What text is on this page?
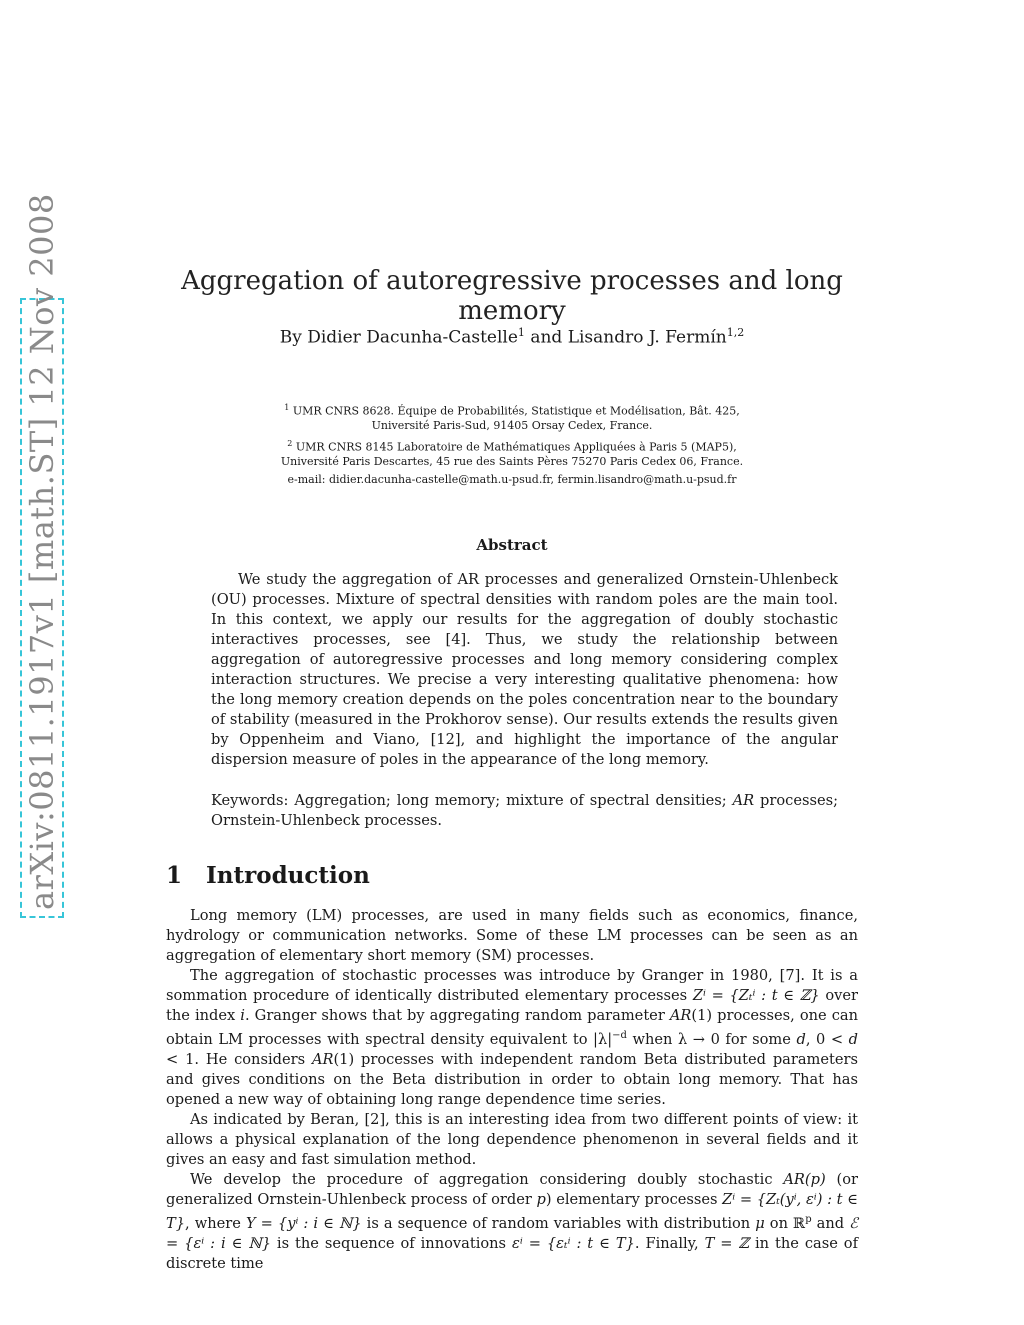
arXiv:0811.1917v1 [math.ST] 12 Nov 2008	Aggregation of autoregressive processes and long memory
By Didier Dacunha-Castelle$^1$ and Lisandro J. Fermín$^{1,2}$
$^1$ UMR CNRS 8628. Équipe de Probabilités, Statistique et Modélisation, Bât. 425,
Université Paris-Sud, 91405 Orsay Cedex, France.
$^2$ UMR CNRS 8145 Laboratoire de Mathématiques Appliquées à Paris 5 (MAP5),
Université Paris Descartes, 45 rue des Saints Pères 75270 Paris Cedex 06, France.
e-mail: didier.dacunha-castelle@math.u-psud.fr, fermin.lisandro@math.u-psud.fr
Abstract

We study the aggregation of AR processes and generalized Ornstein-Uhlenbeck (OU) processes. Mixture of spectral densities with random poles are the main tool. In this context, we apply our results for the aggregation of doubly stochastic interactives processes, see [4]. Thus, we study the relationship between aggregation of autoregressive processes and long memory considering complex interaction structures. We precise a very interesting qualitative phenomena: how the long memory creation depends on the poles concentration near to the boundary of stability (measured in the Prokhorov sense). Our results extends the results given by Oppenheim and Viano, [12], and highlight the importance of the angular dispersion measure of poles in the appearance of the long memory.

Keywords: Aggregation; long memory; mixture of spectral densities; AR processes; Ornstein-Uhlenbeck processes.
1 Introduction

Long memory (LM) processes, are used in many fields such as economics, finance, hydrology or communication networks. Some of these LM processes can be seen as an aggregation of elementary short memory (SM) processes.

The aggregation of stochastic processes was introduce by Granger in 1980, [7]. It is a sommation procedure of identically distributed elementary processes Zⁱ = {Zₜⁱ : t ∈ ℤ} over the index i. Granger shows that by aggregating random parameter AR(1) processes, one can obtain LM processes with spectral density equivalent to $|\lambda|^{-d}$ when λ → 0 for some d, 0 < d < 1. He considers AR(1) processes with independent random Beta distributed parameters and gives conditions on the Beta distribution in order to obtain long memory. That has opened a new way of obtaining long range dependence time series.

As indicated by Beran, [2], this is an interesting idea from two different points of view: it allows a physical explanation of the long dependence phenomenon in several fields and it gives an easy and fast simulation method.

We develop the procedure of aggregation considering doubly stochastic AR(p) (or generalized Ornstein-Uhlenbeck process of order p) elementary processes Zⁱ = {Zₜ(yⁱ, εⁱ) : t ∈ T}, where Y = {yⁱ : i ∈ ℕ} is a sequence of random variables with distribution μ on ℝ$^p$ and ℰ = {εⁱ : i ∈ ℕ} is the sequence of innovations εⁱ = {εₜⁱ : t ∈ T}. Finally, T = ℤ in the case of discrete time
